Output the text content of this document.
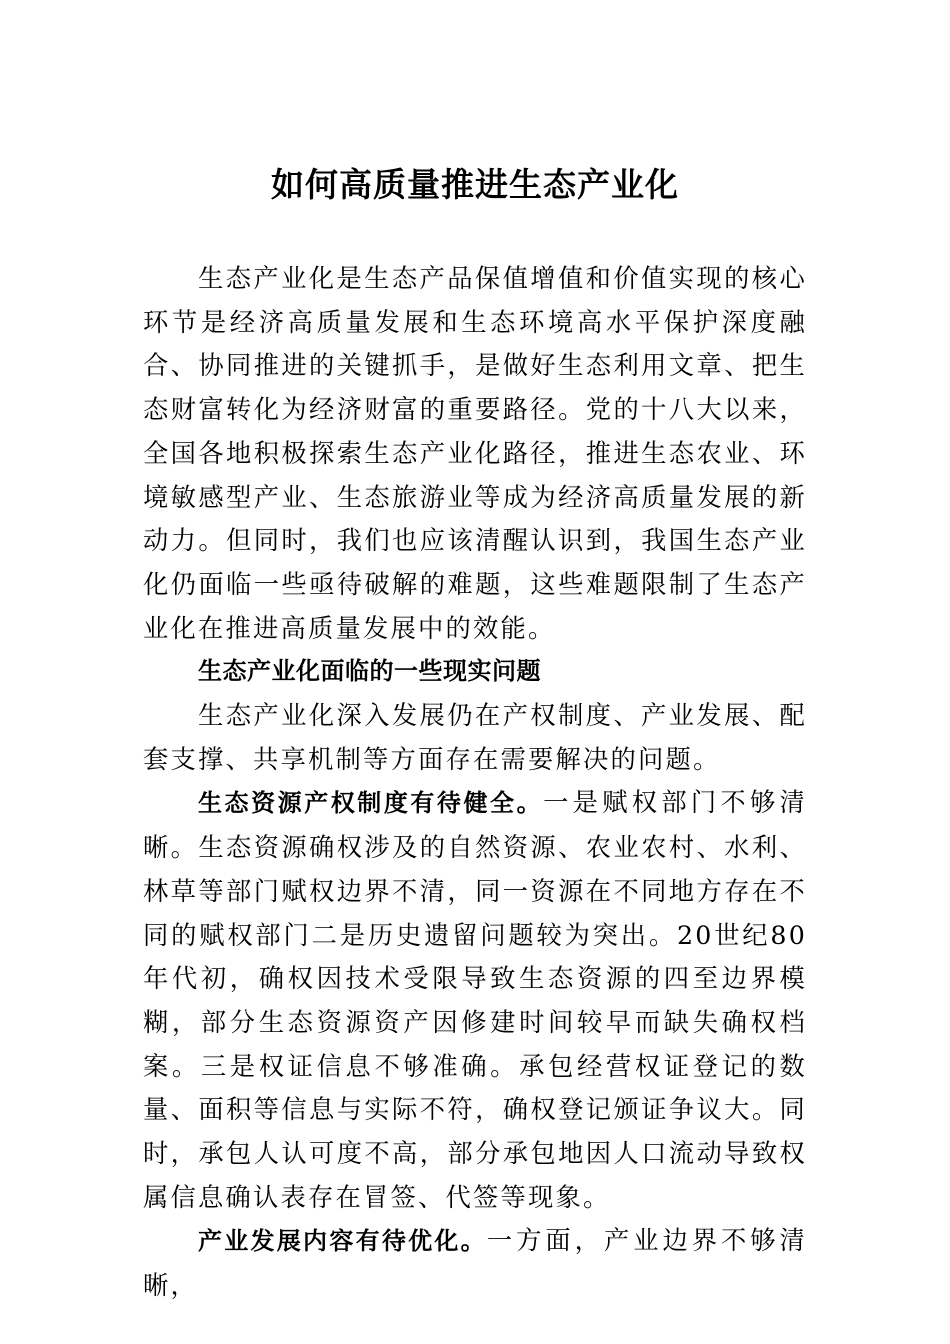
如何高质量推进生态产业化

生态产业化是生态产品保值增值和价值实现的核心环节是经济高质量发展和生态环境高水平保护深度融合、协同推进的关键抓手，是做好生态利用文章、把生态财富转化为经济财富的重要路径。党的十八大以来，全国各地积极探索生态产业化路径，推进生态农业、环境敏感型产业、生态旅游业等成为经济高质量发展的新动力。但同时，我们也应该清醒认识到，我国生态产业化仍面临一些亟待破解的难题，这些难题限制了生态产业化在推进高质量发展中的效能。

生态产业化面临的一些现实问题

生态产业化深入发展仍在产权制度、产业发展、配套支撑、共享机制等方面存在需要解决的问题。

生态资源产权制度有待健全。一是赋权部门不够清晰。生态资源确权涉及的自然资源、农业农村、水利、林草等部门赋权边界不清，同一资源在不同地方存在不同的赋权部门二是历史遗留问题较为突出。20世纪80年代初，确权因技术受限导致生态资源的四至边界模糊，部分生态资源资产因修建时间较早而缺失确权档案。三是权证信息不够准确。承包经营权证登记的数量、面积等信息与实际不符，确权登记颁证争议大。同时，承包人认可度不高，部分承包地因人口流动导致权属信息确认表存在冒签、代签等现象。

产业发展内容有待优化。一方面，产业边界不够清晰，
